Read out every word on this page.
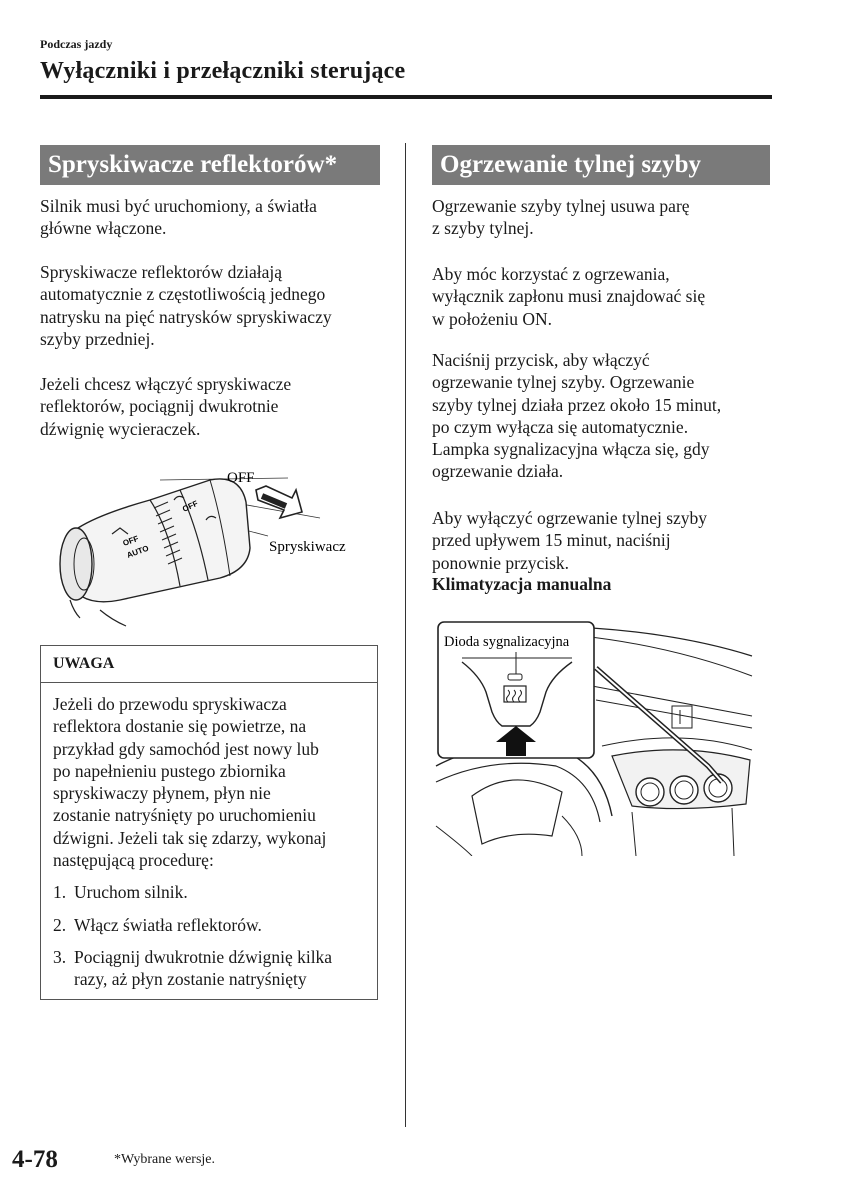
Podczas jazdy
Wyłączniki i przełączniki sterujące
Spryskiwacze reflektorów*
Silnik musi być uruchomiony, a światła
główne włączone.
Spryskiwacze reflektorów działają
automatycznie z częstotliwością jednego
natrysku na pięć natrysków spryskiwaczy
szyby przedniej.
Jeżeli chcesz włączyć spryskiwacze
reflektorów, pociągnij dwukrotnie
dźwignię wycieraczek.
OFF
AUTO
OFF
OFF
Spryskiwacz
UWAGA
Jeżeli do przewodu spryskiwacza
reflektora dostanie się powietrze, na
przykład gdy samochód jest nowy lub
po napełnieniu pustego zbiornika
spryskiwaczy płynem, płyn nie
zostanie natryśnięty po uruchomieniu
dźwigni. Jeżeli tak się zdarzy, wykonaj
następującą procedurę:
1. Uruchom silnik.
2. Włącz światła reflektorów.
3. Pociągnij dwukrotnie dźwignię kilka
razy, aż płyn zostanie natryśnięty
Ogrzewanie tylnej szyby
Ogrzewanie szyby tylnej usuwa parę
z szyby tylnej.
Aby móc korzystać z ogrzewania,
wyłącznik zapłonu musi znajdować się
w położeniu ON.
Naciśnij przycisk, aby włączyć
ogrzewanie tylnej szyby. Ogrzewanie
szyby tylnej działa przez około 15 minut,
po czym wyłącza się automatycznie.
Lampka sygnalizacyjna włącza się, gdy
ogrzewanie działa.
Aby wyłączyć ogrzewanie tylnej szyby
przed upływem 15 minut, naciśnij
ponownie przycisk.
Klimatyzacja manualna
Dioda sygnalizacyjna
4-78	*Wybrane wersje.
